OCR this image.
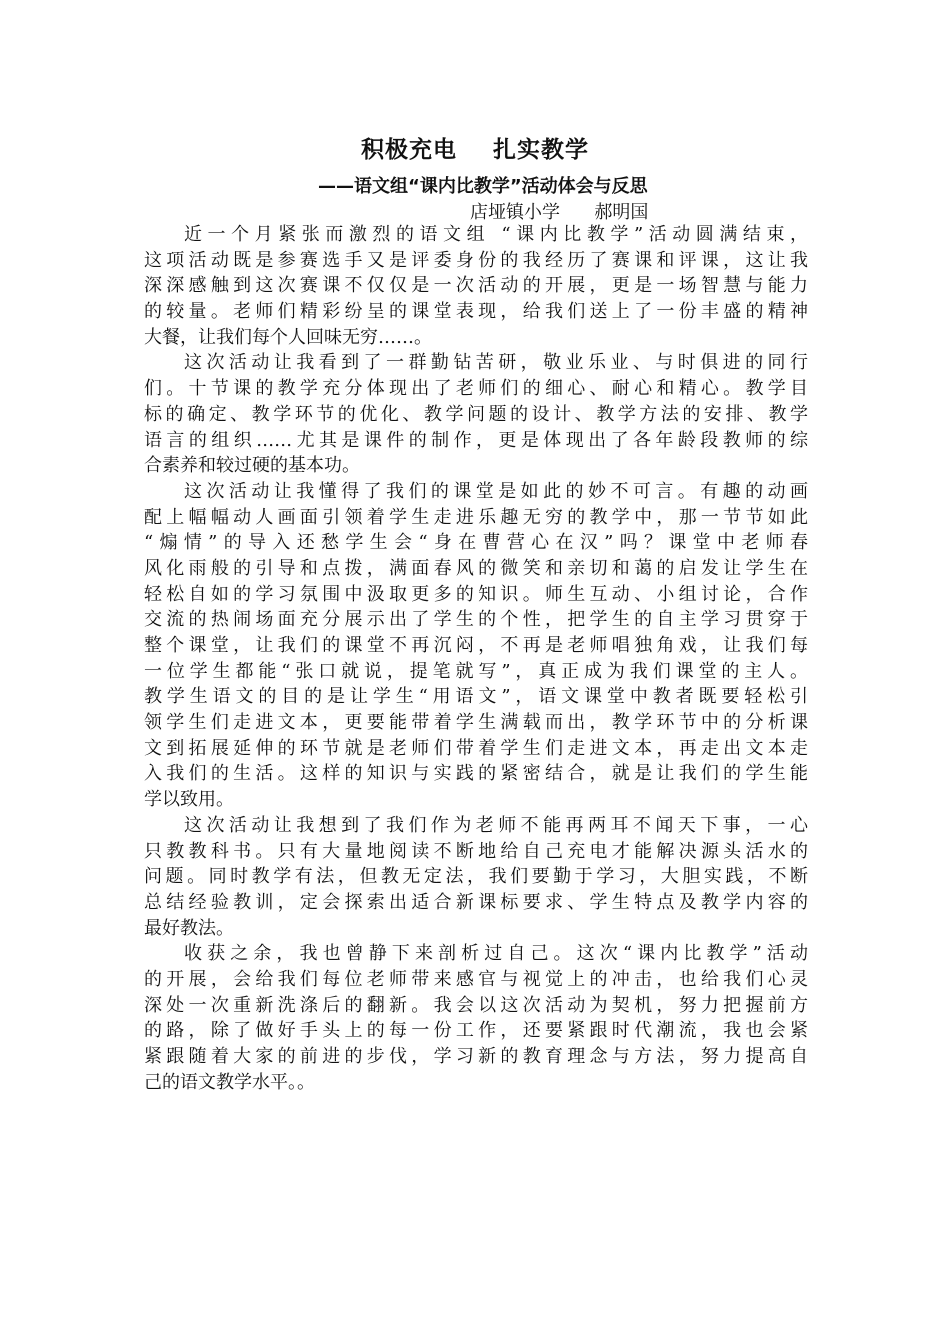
积极充电    扎实教学
——语文组“课内比教学”活动体会与反思
店垭镇小学      郝明国
近一个月紧张而激烈的语文组 “课内比教学”活动圆满结束，
这项活动既是参赛选手又是评委身份的我经历了赛课和评课，这让我
深深感触到这次赛课不仅仅是一次活动的开展，更是一场智慧与能力
的较量。老师们精彩纷呈的课堂表现，给我们送上了一份丰盛的精神
大餐，让我们每个人回味无穷……。
这次活动让我看到了一群勤钻苦研，敬业乐业、与时俱进的同行
们。十节课的教学充分体现出了老师们的细心、耐心和精心。教学目
标的确定、教学环节的优化、教学问题的设计、教学方法的安排、教学
语言的组织……尤其是课件的制作，更是体现出了各年龄段教师的综
合素养和较过硬的基本功。
这次活动让我懂得了我们的课堂是如此的妙不可言。有趣的动画
配上幅幅动人画面引领着学生走进乐趣无穷的教学中，那一节节如此
“煽情”的导入还愁学生会“身在曹营心在汉”吗？课堂中老师春
风化雨般的引导和点拨，满面春风的微笑和亲切和蔼的启发让学生在
轻松自如的学习氛围中汲取更多的知识。师生互动、小组讨论，合作
交流的热闹场面充分展示出了学生的个性，把学生的自主学习贯穿于
整个课堂，让我们的课堂不再沉闷，不再是老师唱独角戏，让我们每
一位学生都能“张口就说，提笔就写”，真正成为我们课堂的主人。
教学生语文的目的是让学生“用语文”，语文课堂中教者既要轻松引
领学生们走进文本，更要能带着学生满载而出，教学环节中的分析课
文到拓展延伸的环节就是老师们带着学生们走进文本，再走出文本走
入我们的生活。这样的知识与实践的紧密结合，就是让我们的学生能
学以致用。
这次活动让我想到了我们作为老师不能再两耳不闻天下事，一心
只教教科书。只有大量地阅读不断地给自己充电才能解决源头活水的
问题。同时教学有法，但教无定法，我们要勤于学习，大胆实践，不断
总结经验教训，定会探索出适合新课标要求、学生特点及教学内容的
最好教法。
收获之余，我也曾静下来剖析过自己。这次“课内比教学”活动
的开展，会给我们每位老师带来感官与视觉上的冲击，也给我们心灵
深处一次重新洗涤后的翻新。我会以这次活动为契机，努力把握前方
的路，除了做好手头上的每一份工作，还要紧跟时代潮流，我也会紧
紧跟随着大家的前进的步伐，学习新的教育理念与方法，努力提高自
己的语文教学水平。。
